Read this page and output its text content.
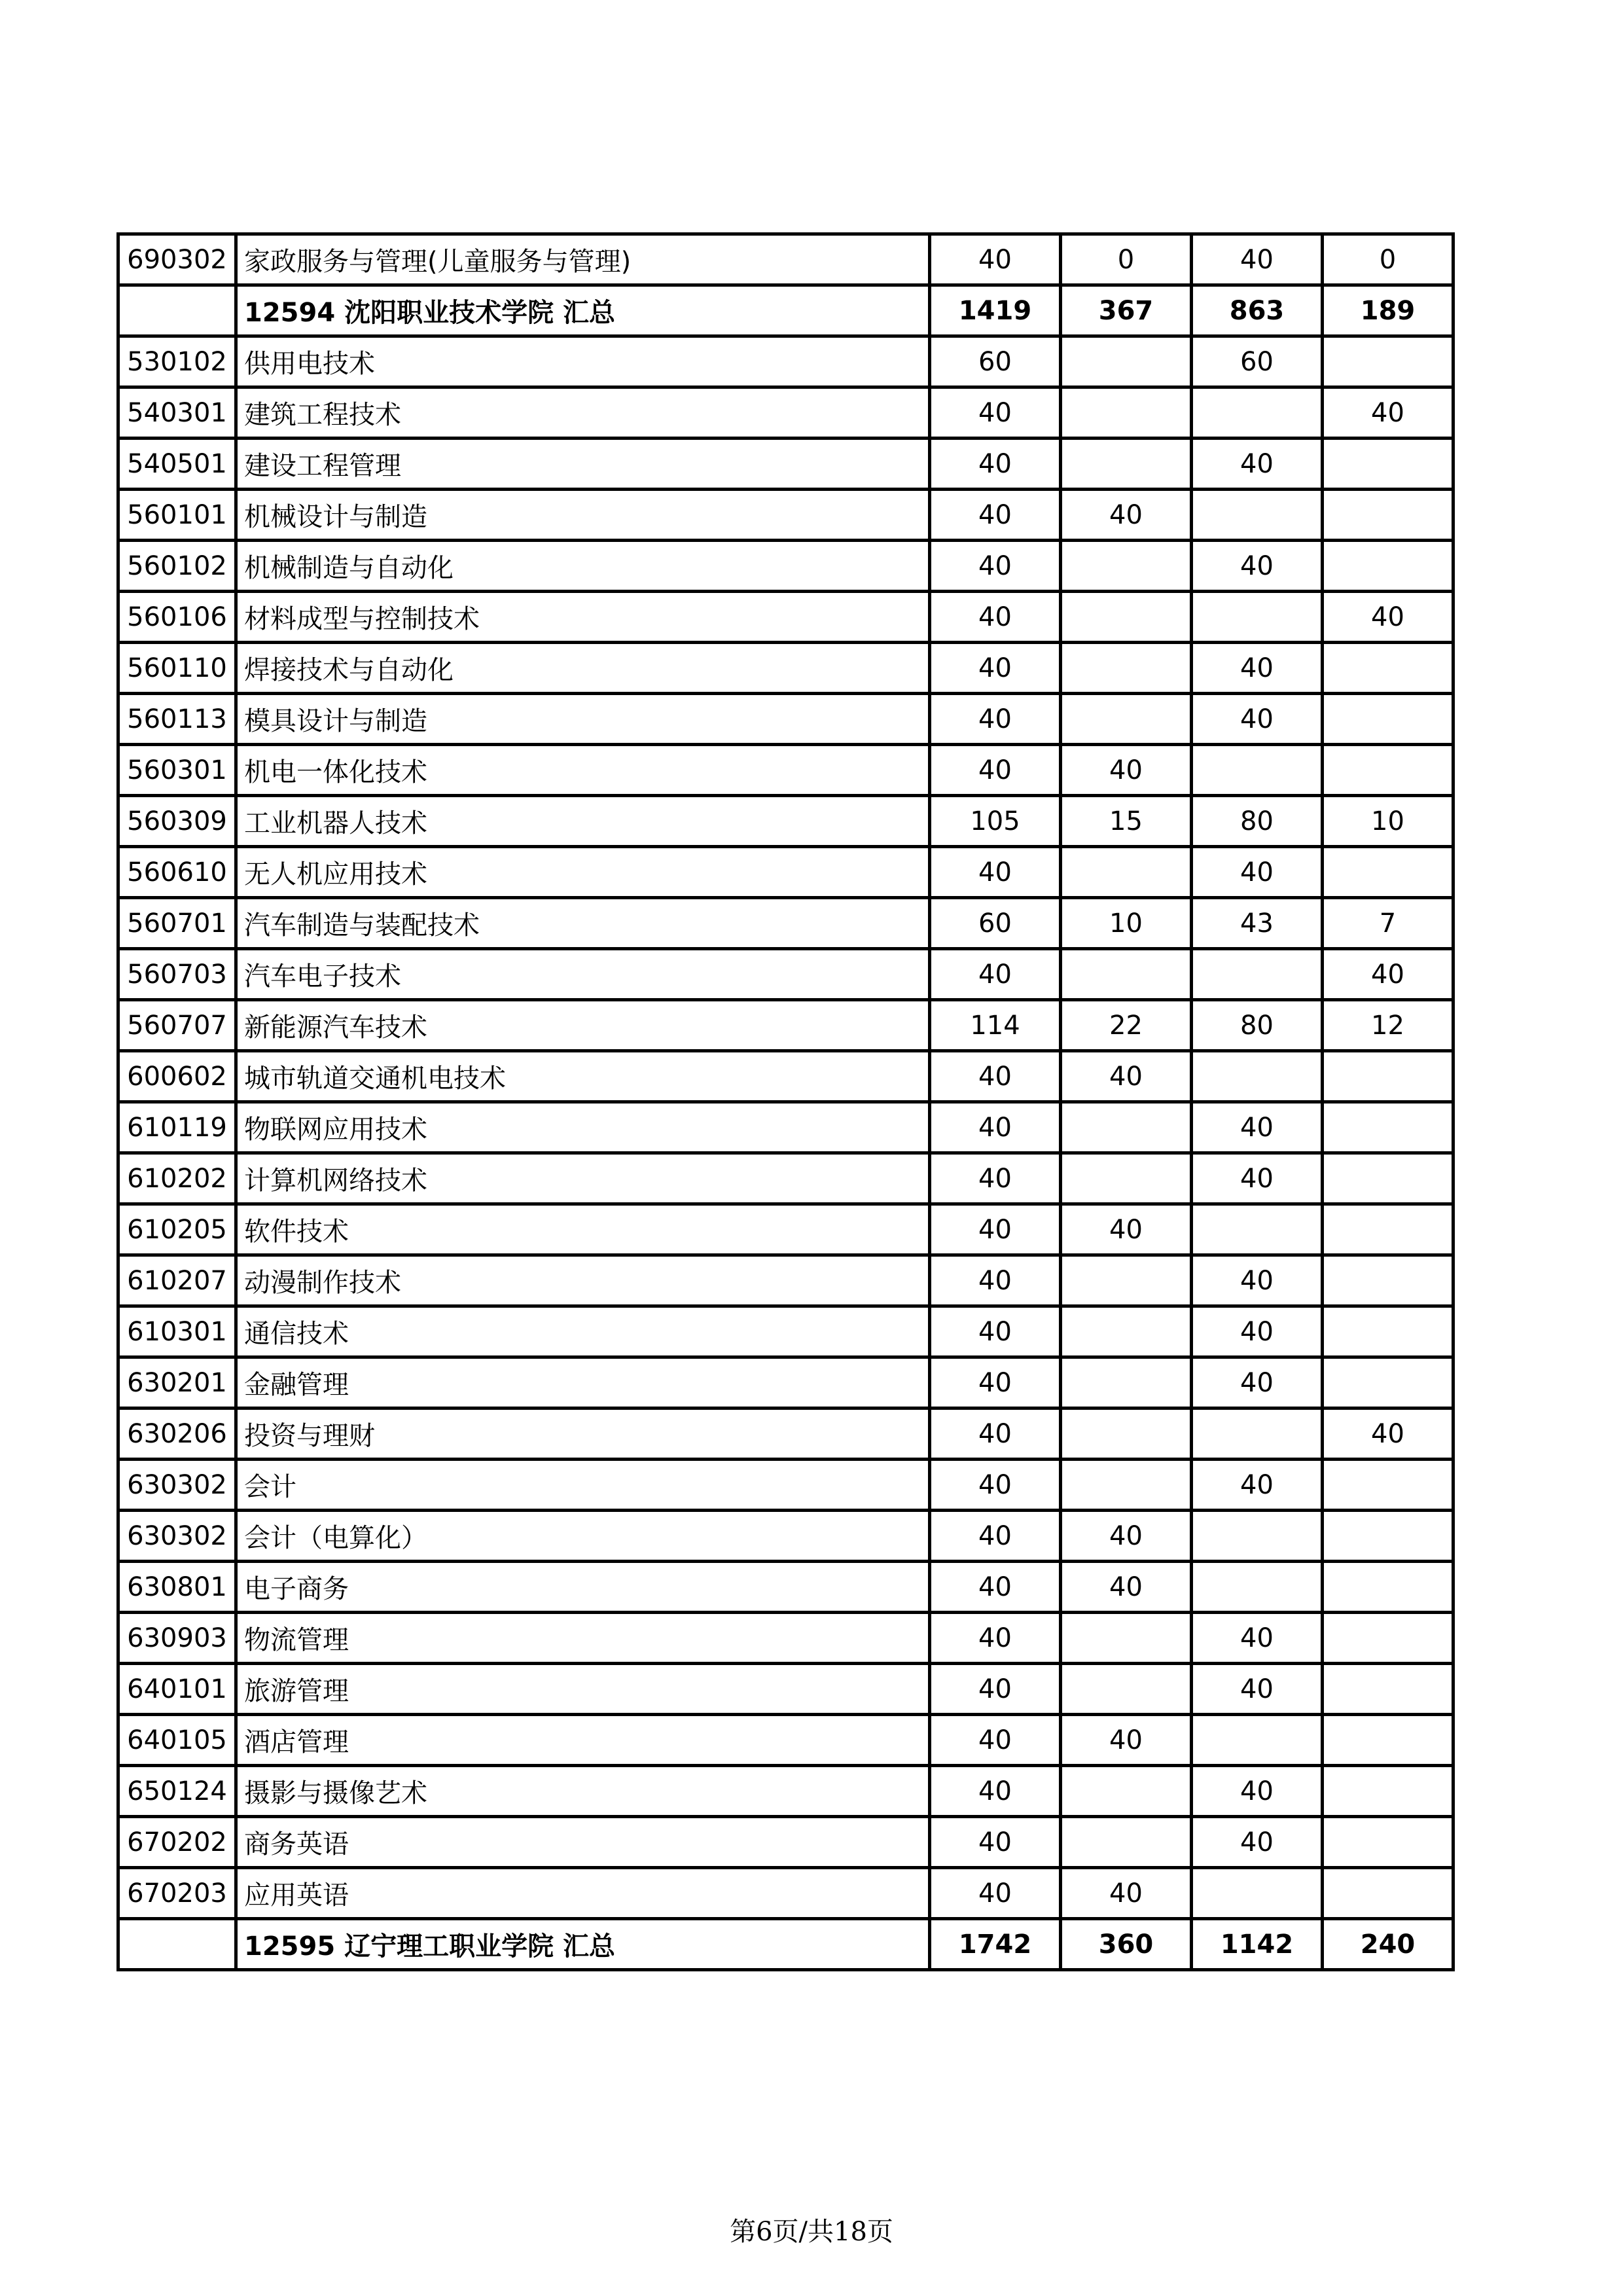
690302	家政服务与管理(儿童服务与管理)	40	0	40	0
	12594 沈阳职业技术学院 汇总	1419	367	863	189
530102	供用电技术	60		60	
540301	建筑工程技术	40			40
540501	建设工程管理	40		40	
560101	机械设计与制造	40	40		
560102	机械制造与自动化	40		40	
560106	材料成型与控制技术	40			40
560110	焊接技术与自动化	40		40	
560113	模具设计与制造	40		40	
560301	机电一体化技术	40	40		
560309	工业机器人技术	105	15	80	10
560610	无人机应用技术	40		40	
560701	汽车制造与装配技术	60	10	43	7
560703	汽车电子技术	40			40
560707	新能源汽车技术	114	22	80	12
600602	城市轨道交通机电技术	40	40		
610119	物联网应用技术	40		40	
610202	计算机网络技术	40		40	
610205	软件技术	40	40		
610207	动漫制作技术	40		40	
610301	通信技术	40		40	
630201	金融管理	40		40	
630206	投资与理财	40			40
630302	会计	40		40	
630302	会计（电算化）	40	40		
630801	电子商务	40	40		
630903	物流管理	40		40	
640101	旅游管理	40		40	
640105	酒店管理	40	40		
650124	摄影与摄像艺术	40		40	
670202	商务英语	40		40	
670203	应用英语	40	40		
	12595 辽宁理工职业学院 汇总	1742	360	1142	240
第6页/共18页
